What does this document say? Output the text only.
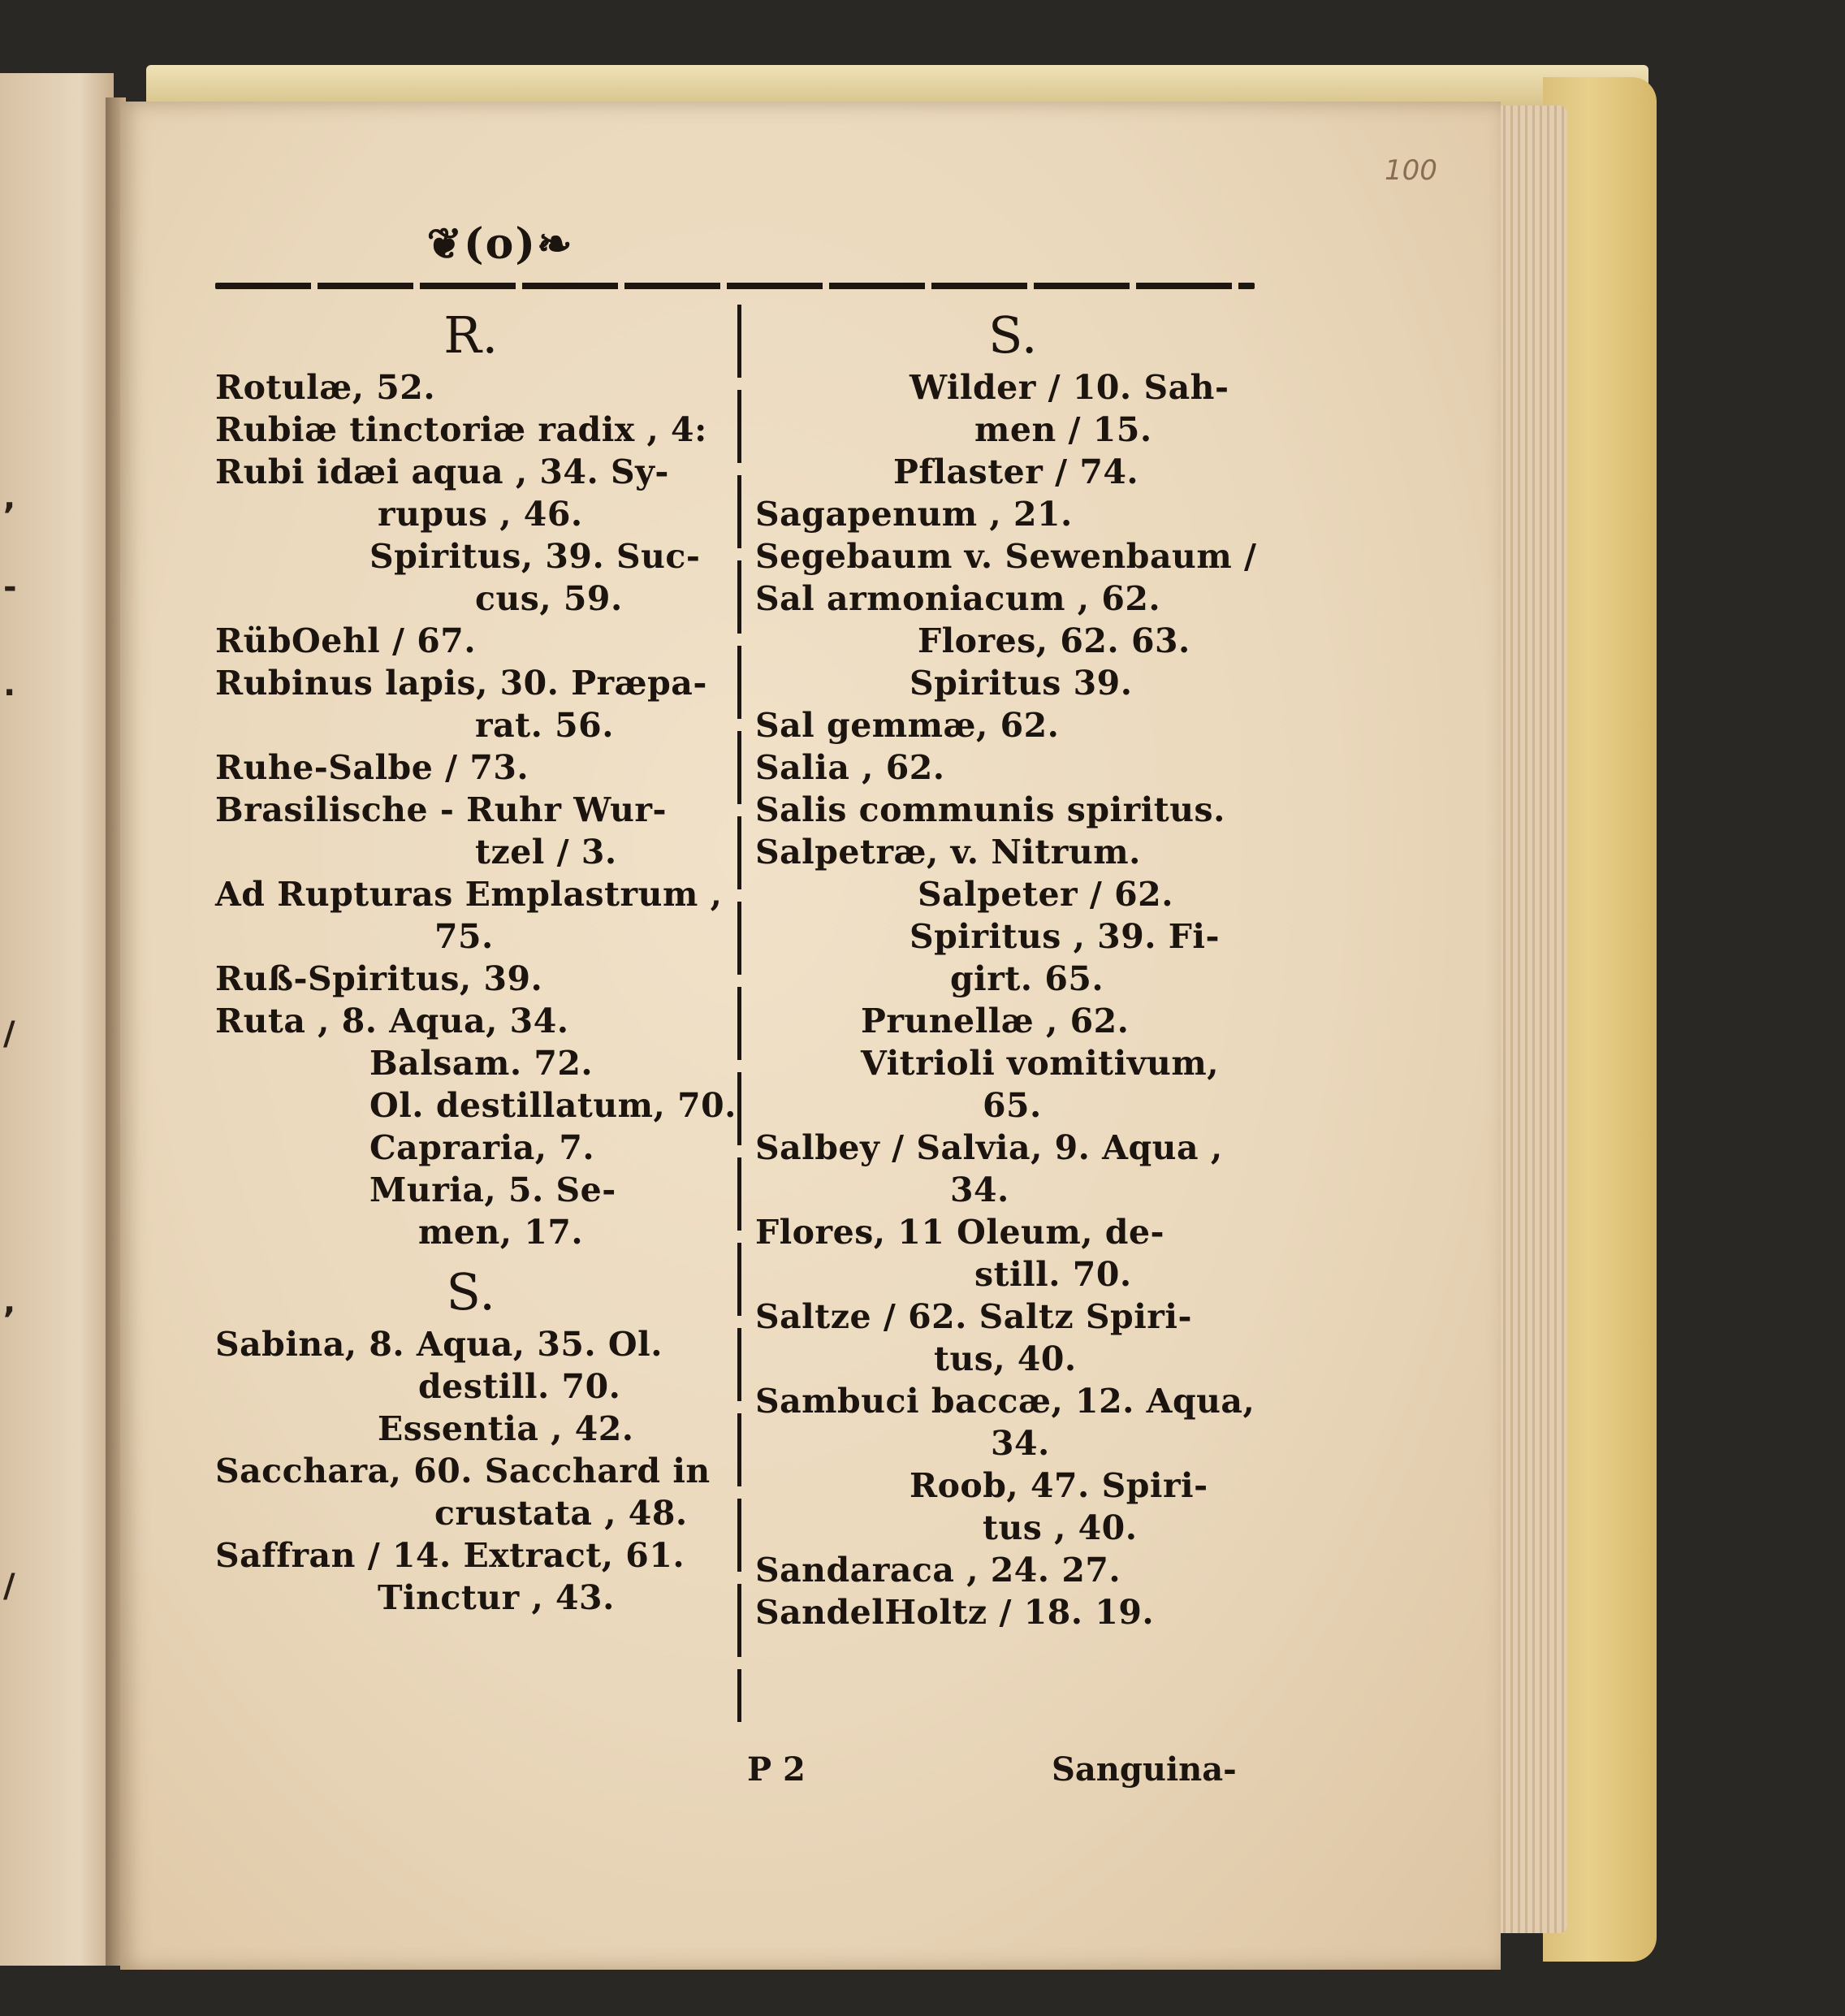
,
-
.
/
,
/
100
❦(o)❧
R.
Rotulæ, 52.
Rubiæ tinctoriæ radix , 4:
Rubi idæi aqua , 34. Sy-
rupus , 46.
Spiritus, 39. Suc-
cus, 59.
RübOehl / 67.
Rubinus lapis, 30. Præpa-
rat. 56.
Ruhe-Salbe / 73.
Brasilische - Ruhr Wur-
tzel / 3.
Ad Rupturas Emplastrum ,
75.
Ruß-Spiritus, 39.
Ruta , 8. Aqua, 34.
Balsam. 72.
Ol. destillatum, 70.
Capraria, 7.
Muria, 5. Se-
men, 17.
S.
Sabina, 8. Aqua, 35. Ol.
destill. 70.
Essentia , 42.
Sacchara, 60. Sacchard in
crustata , 48.
Saffran / 14. Extract, 61.
Tinctur , 43.
S.
Wilder / 10. Sah-
men / 15.
Pflaster / 74.
Sagapenum , 21.
Segebaum v. Sewenbaum /
Sal armoniacum , 62.
Flores, 62. 63.
Spiritus 39.
Sal gemmæ, 62.
Salia , 62.
Salis communis spiritus.
Salpetræ, v. Nitrum.
Salpeter / 62.
Spiritus , 39. Fi-
girt. 65.
Prunellæ , 62.
Vitrioli vomitivum,
65.
Salbey / Salvia, 9. Aqua ,
34.
Flores, 11 Oleum, de-
still. 70.
Saltze / 62. Saltz Spiri-
tus, 40.
Sambuci baccæ, 12. Aqua,
34.
Roob, 47. Spiri-
tus , 40.
Sandaraca , 24. 27.
SandelHoltz / 18. 19.
P 2	Sanguina-
